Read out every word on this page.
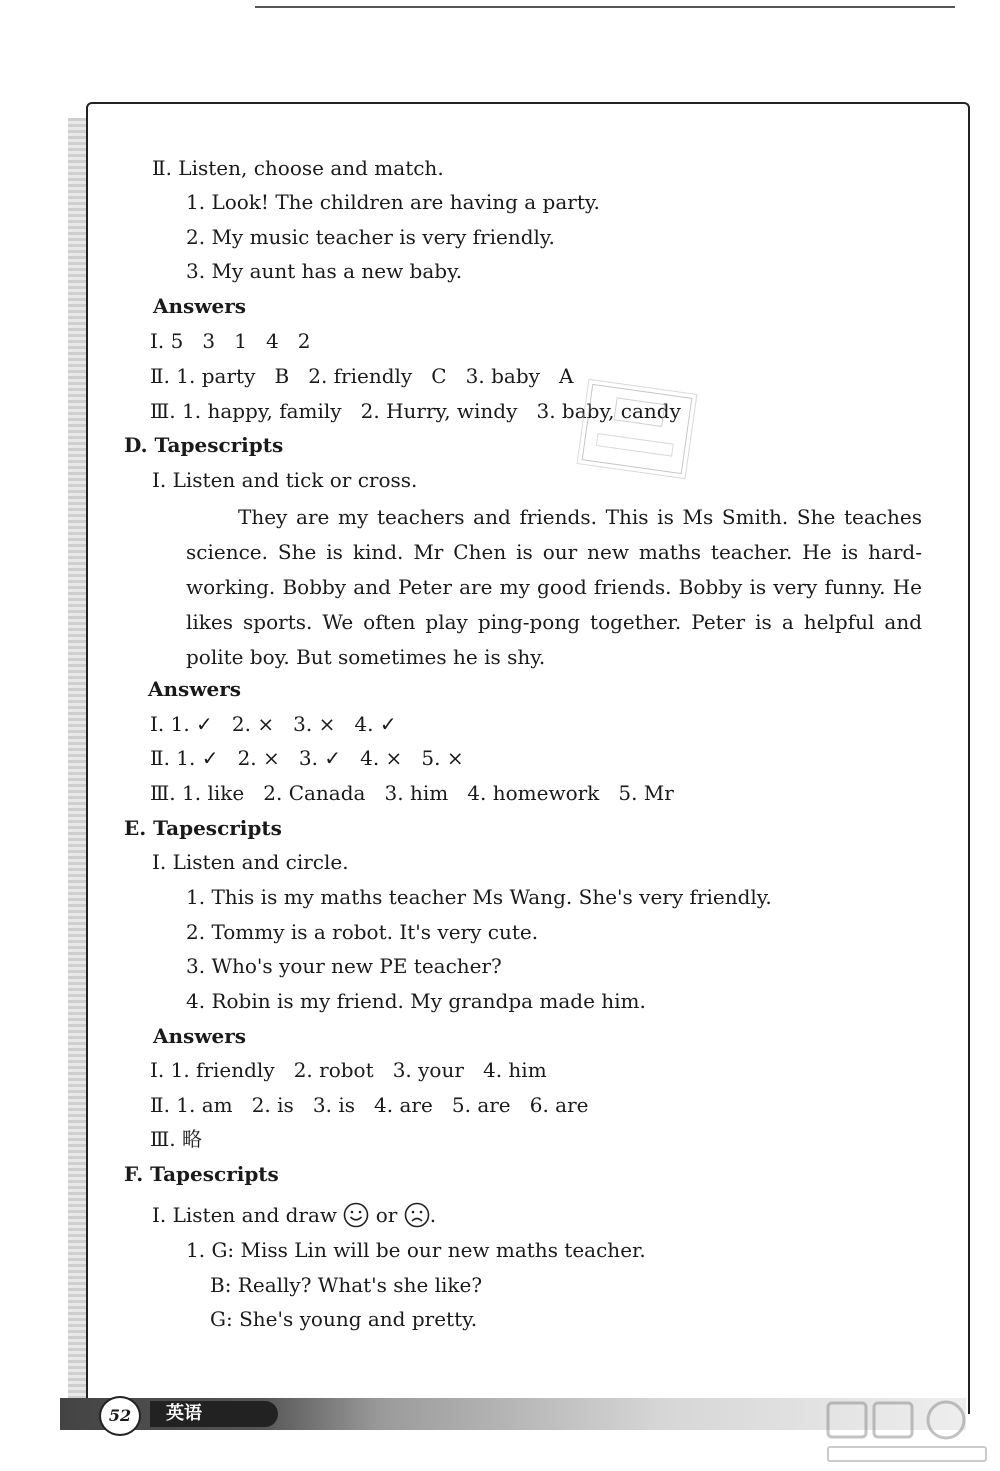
Ⅱ. Listen, choose and match.
1. Look! The children are having a party.
2. My music teacher is very friendly.
3. My aunt has a new baby.
Answers
Ⅰ. 5   3   1   4   2
Ⅱ. 1. party   B   2. friendly   C   3. baby   A
Ⅲ. 1. happy, family   2. Hurry, windy   3. baby, candy
D. Tapescripts
Ⅰ. Listen and tick or cross.
They are my teachers and friends. This is Ms Smith. She teaches science. She is kind. Mr Chen is our new maths teacher. He is hard-working. Bobby and Peter are my good friends. Bobby is very funny. He likes sports. We often play ping-pong together. Peter is a helpful and polite boy. But sometimes he is shy.
Answers
Ⅰ. 1. ✓   2. ×   3. ×   4. ✓
Ⅱ. 1. ✓   2. ×   3. ✓   4. ×   5. ×
Ⅲ. 1. like   2. Canada   3. him   4. homework   5. Mr
E. Tapescripts
Ⅰ. Listen and circle.
1. This is my maths teacher Ms Wang. She's very friendly.
2. Tommy is a robot. It's very cute.
3. Who's your new PE teacher?
4. Robin is my friend. My grandpa made him.
Answers
Ⅰ. 1. friendly   2. robot   3. your   4. him
Ⅱ. 1. am   2. is   3. is   4. are   5. are   6. are
Ⅲ. 略
F. Tapescripts
Ⅰ. Listen and draw or .
1. G: Miss Lin will be our new maths teacher.
B: Really? What's she like?
G: She's young and pretty.
52	英语
